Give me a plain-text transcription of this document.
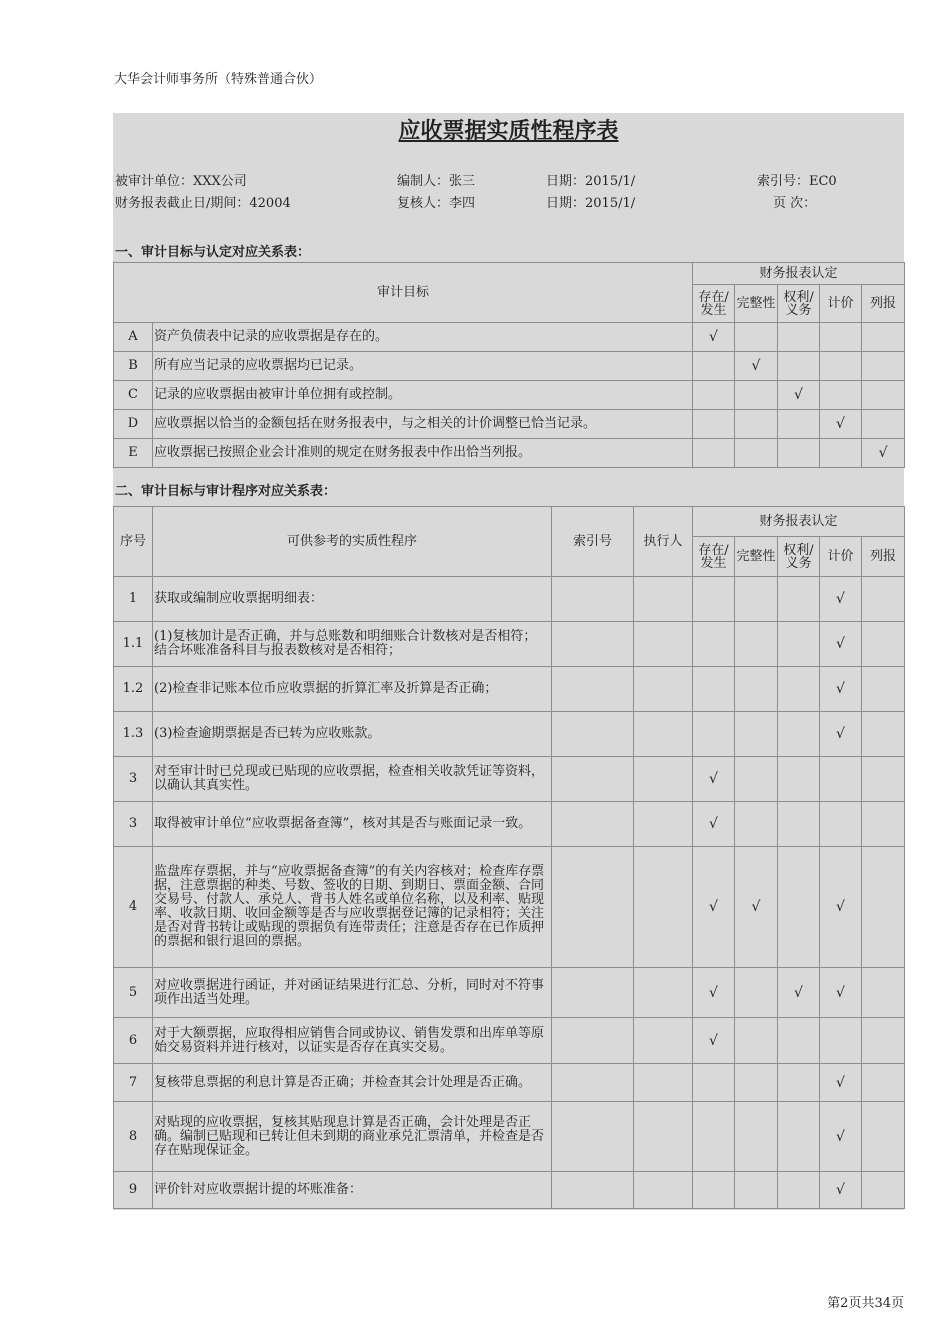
大华会计师事务所（特殊普通合伙）
应收票据实质性程序表
被审计单位：XXX公司	编制人：张三	日期：2015/1/	索引号：EC0
财务报表截止日/期间：42004	复核人：李四	日期：2015/1/	页 次：
一、审计目标与认定对应关系表：
审计目标		财务报表认定				
		存在/发生	完整性	权利/义务	计价	列报
A	资产负债表中记录的应收票据是存在的。	√				
B	所有应当记录的应收票据均已记录。		√			
C	记录的应收票据由被审计单位拥有或控制。			√		
D	应收票据以恰当的金额包括在财务报表中，与之相关的计价调整已恰当记录。				√	
E	应收票据已按照企业会计准则的规定在财务报表中作出恰当列报。					√
二、审计目标与审计程序对应关系表：
序号	可供参考的实质性程序	索引号	执行人	财务报表认定				
				存在/发生	完整性	权利/义务	计价	列报
1	获取或编制应收票据明细表：						√	
1.1	(1)复核加计是否正确，并与总账数和明细账合计数核对是否相符；结合坏账准备科目与报表数核对是否相符；						√	
1.2	(2)检查非记账本位币应收票据的折算汇率及折算是否正确；						√	
1.3	(3)检查逾期票据是否已转为应收账款。						√	
3	对至审计时已兑现或已贴现的应收票据，检查相关收款凭证等资料，以确认其真实性。			√				
3	取得被审计单位“应收票据备查簿”，核对其是否与账面记录一致。			√				
4	监盘库存票据，并与“应收票据备查簿”的有关内容核对；检查库存票据，注意票据的种类、号数、签收的日期、到期日、票面金额、合同交易号、付款人、承兑人、背书人姓名或单位名称，以及利率、贴现率、收款日期、收回金额等是否与应收票据登记簿的记录相符；关注是否对背书转让或贴现的票据负有连带责任；注意是否存在已作质押的票据和银行退回的票据。			√	√		√	
5	对应收票据进行函证，并对函证结果进行汇总、分析，同时对不符事项作出适当处理。			√		√	√	
6	对于大额票据，应取得相应销售合同或协议、销售发票和出库单等原始交易资料并进行核对，以证实是否存在真实交易。			√				
7	复核带息票据的利息计算是否正确；并检查其会计处理是否正确。						√	
8	对贴现的应收票据，复核其贴现息计算是否正确，会计处理是否正确。编制已贴现和已转让但未到期的商业承兑汇票清单，并检查是否存在贴现保证金。						√	
9	评价针对应收票据计提的坏账准备：						√	
第2页共34页
